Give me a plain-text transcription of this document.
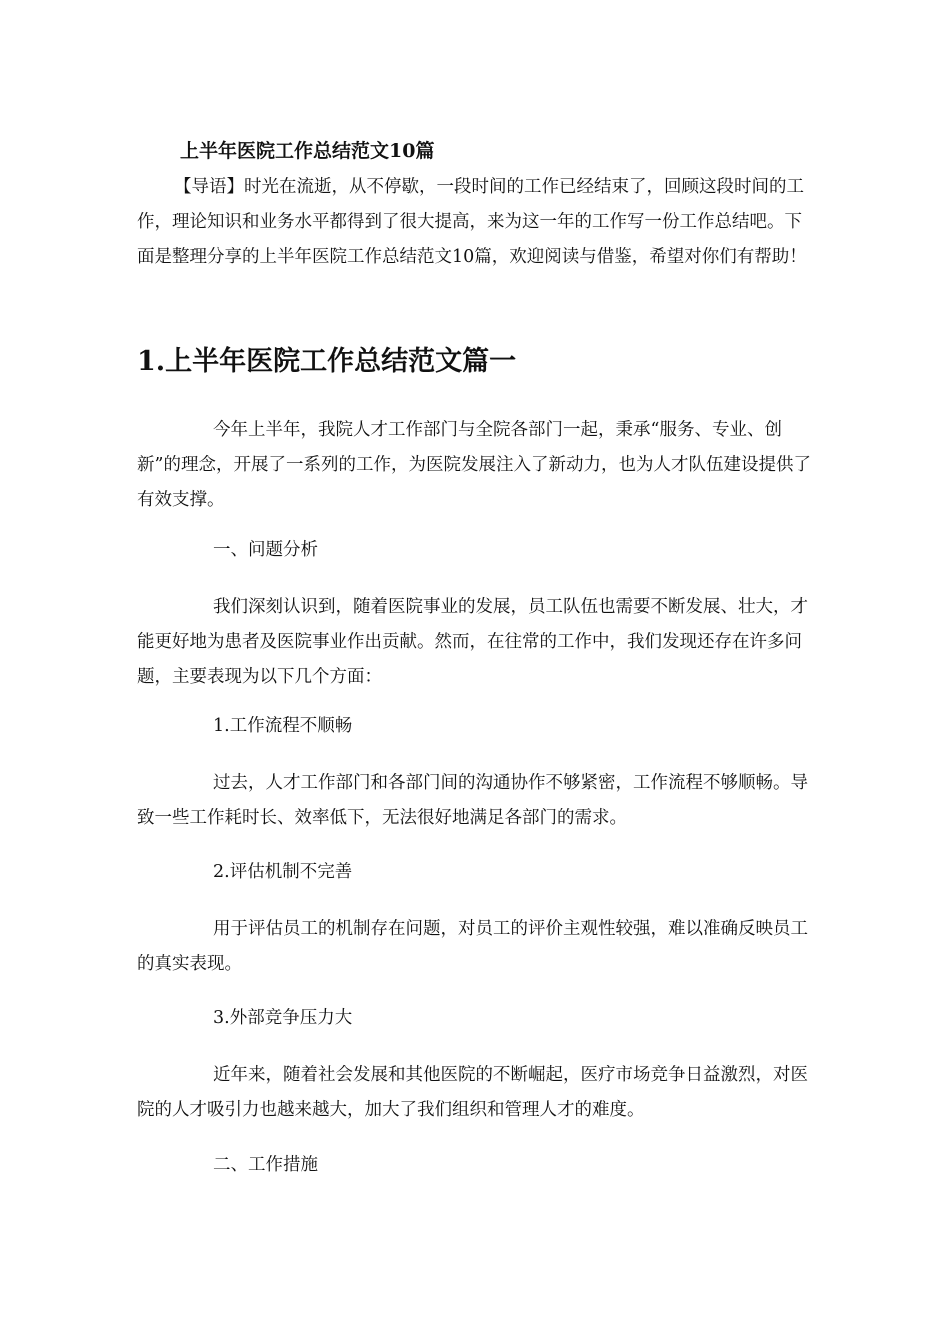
上半年医院工作总结范文10篇

【导语】时光在流逝，从不停歇，一段时间的工作已经结束了，回顾这段时间的工作，理论知识和业务水平都得到了很大提高，来为这一年的工作写一份工作总结吧。下面是整理分享的上半年医院工作总结范文10篇，欢迎阅读与借鉴，希望对你们有帮助！

1.上半年医院工作总结范文篇一

今年上半年，我院人才工作部门与全院各部门一起，秉承“服务、专业、创新”的理念，开展了一系列的工作，为医院发展注入了新动力，也为人才队伍建设提供了有效支撑。

一、问题分析

我们深刻认识到，随着医院事业的发展，员工队伍也需要不断发展、壮大，才能更好地为患者及医院事业作出贡献。然而，在往常的工作中，我们发现还存在许多问题，主要表现为以下几个方面：

1.工作流程不顺畅

过去，人才工作部门和各部门间的沟通协作不够紧密，工作流程不够顺畅。导致一些工作耗时长、效率低下，无法很好地满足各部门的需求。

2.评估机制不完善

用于评估员工的机制存在问题，对员工的评价主观性较强，难以准确反映员工的真实表现。

3.外部竞争压力大

近年来，随着社会发展和其他医院的不断崛起，医疗市场竞争日益激烈，对医院的人才吸引力也越来越大，加大了我们组织和管理人才的难度。

二、工作措施
